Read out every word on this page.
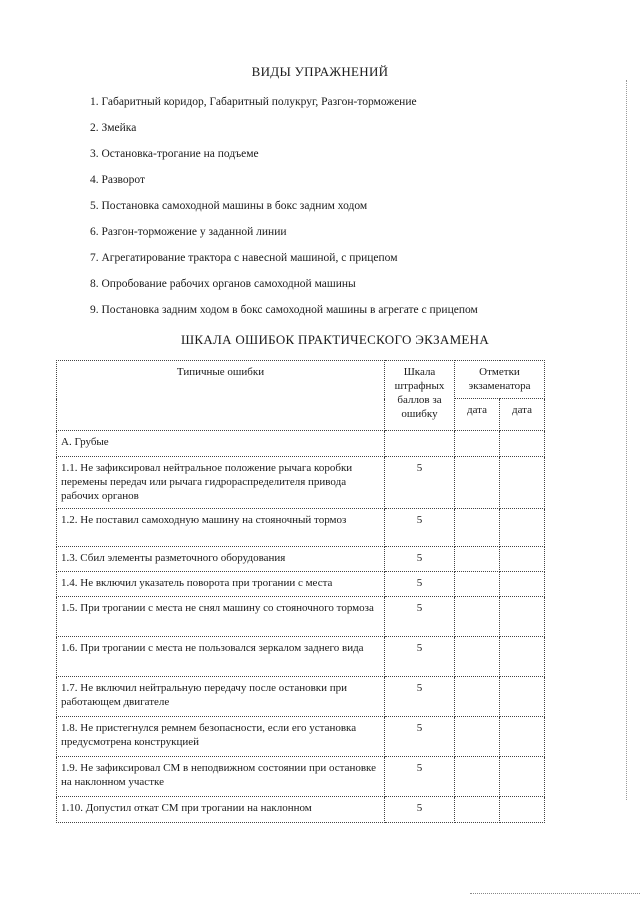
ВИДЫ УПРАЖНЕНИЙ
1. Габаритный коридор, Габаритный полукруг, Разгон-торможение
2. Змейка
3. Остановка-трогание на подъеме
4. Разворот
5. Постановка самоходной машины в бокс задним ходом
6. Разгон-торможение у заданной линии
7. Агрегатирование трактора с навесной машиной, с прицепом
8. Опробование рабочих органов самоходной машины
9. Постановка задним ходом в бокс самоходной машины в агрегате с прицепом
ШКАЛА ОШИБОК ПРАКТИЧЕСКОГО ЭКЗАМЕНА
Типичные ошибки	Шкала штрафных баллов за ошибку	Отметки экзаменатора	
		дата	дата
А. Грубые			
1.1. Не зафиксировал нейтральное положение рычага коробки перемены передач или рычага гидрораспределителя привода рабочих органов	5		
1.2. Не поставил самоходную машину на стояночный тормоз	5		
1.3. Сбил элементы разметочного оборудования	5		
1.4. Не включил указатель поворота при трогании с места	5		
1.5. При трогании с места не снял машину со стояночного тормоза	5		
1.6. При трогании с места не пользовался зеркалом заднего вида	5		
1.7. Не включил нейтральную передачу после остановки при работающем двигателе	5		
1.8. Не пристегнулся ремнем безопасности, если его установка предусмотрена конструкцией	5		
1.9. Не зафиксировал СМ в неподвижном состоянии при остановке на наклонном участке	5		
1.10. Допустил откат СМ при трогании на наклонном	5		
